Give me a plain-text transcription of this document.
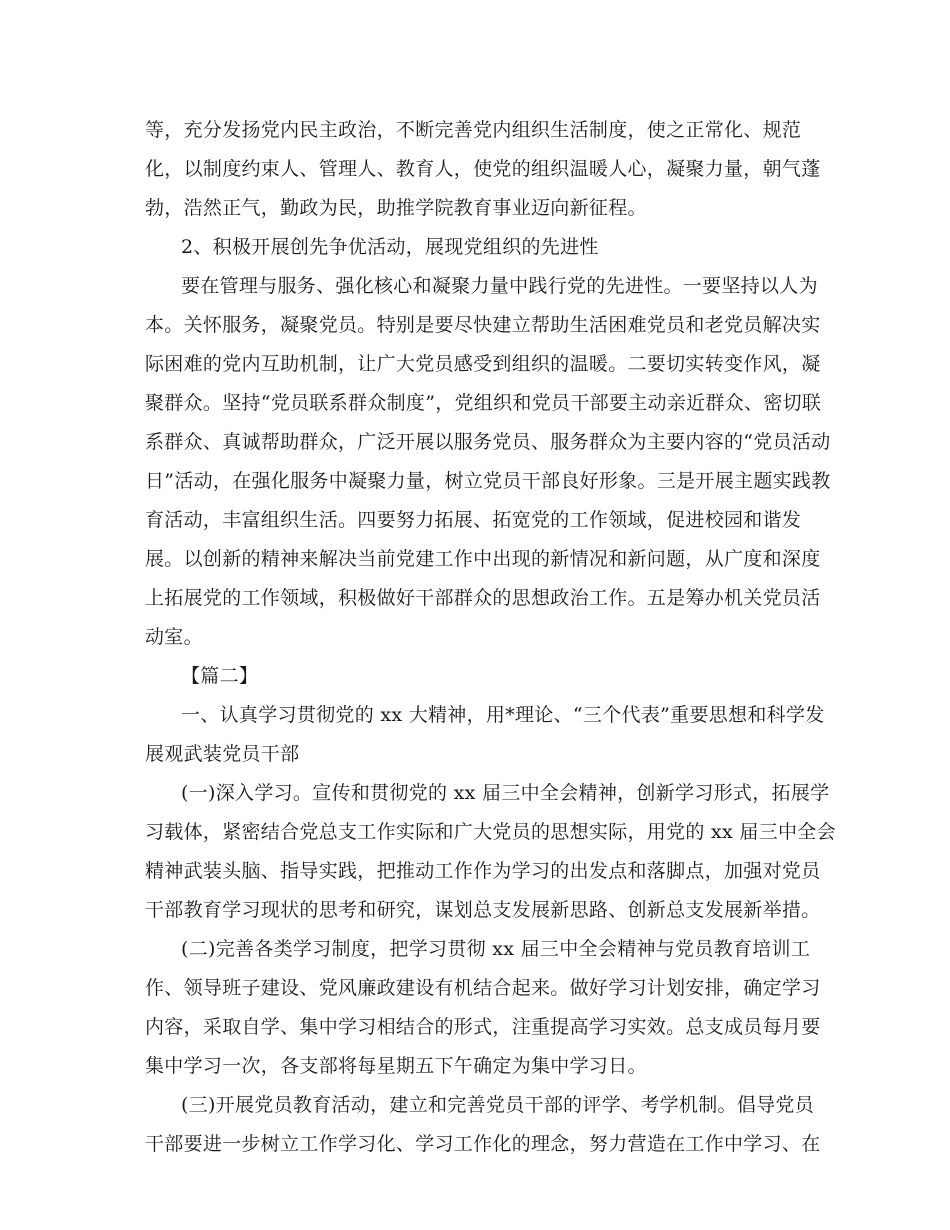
等，充分发扬党内民主政治，不断完善党内组织生活制度，使之正常化、规范
化，以制度约束人、管理人、教育人，使党的组织温暖人心，凝聚力量，朝气蓬
勃，浩然正气，勤政为民，助推学院教育事业迈向新征程。
2、积极开展创先争优活动，展现党组织的先进性
要在管理与服务、强化核心和凝聚力量中践行党的先进性。一要坚持以人为
本。关怀服务，凝聚党员。特别是要尽快建立帮助生活困难党员和老党员解决实
际困难的党内互助机制，让广大党员感受到组织的温暖。二要切实转变作风，凝
聚群众。坚持“党员联系群众制度”，党组织和党员干部要主动亲近群众、密切联
系群众、真诚帮助群众，广泛开展以服务党员、服务群众为主要内容的“党员活动
日”活动，在强化服务中凝聚力量，树立党员干部良好形象。三是开展主题实践教
育活动，丰富组织生活。四要努力拓展、拓宽党的工作领域，促进校园和谐发
展。以创新的精神来解决当前党建工作中出现的新情况和新问题，从广度和深度
上拓展党的工作领域，积极做好干部群众的思想政治工作。五是筹办机关党员活
动室。
【篇二】
一、认真学习贯彻党的 xx 大精神，用*理论、“三个代表”重要思想和科学发
展观武装党员干部
(一)深入学习。宣传和贯彻党的 xx 届三中全会精神，创新学习形式，拓展学
习载体，紧密结合党总支工作实际和广大党员的思想实际，用党的 xx 届三中全会
精神武装头脑、指导实践，把推动工作作为学习的出发点和落脚点，加强对党员
干部教育学习现状的思考和研究，谋划总支发展新思路、创新总支发展新举措。
(二)完善各类学习制度，把学习贯彻 xx 届三中全会精神与党员教育培训工
作、领导班子建设、党风廉政建设有机结合起来。做好学习计划安排，确定学习
内容，采取自学、集中学习相结合的形式，注重提高学习实效。总支成员每月要
集中学习一次，各支部将每星期五下午确定为集中学习日。
(三)开展党员教育活动，建立和完善党员干部的评学、考学机制。倡导党员
干部要进一步树立工作学习化、学习工作化的理念，努力营造在工作中学习、在
